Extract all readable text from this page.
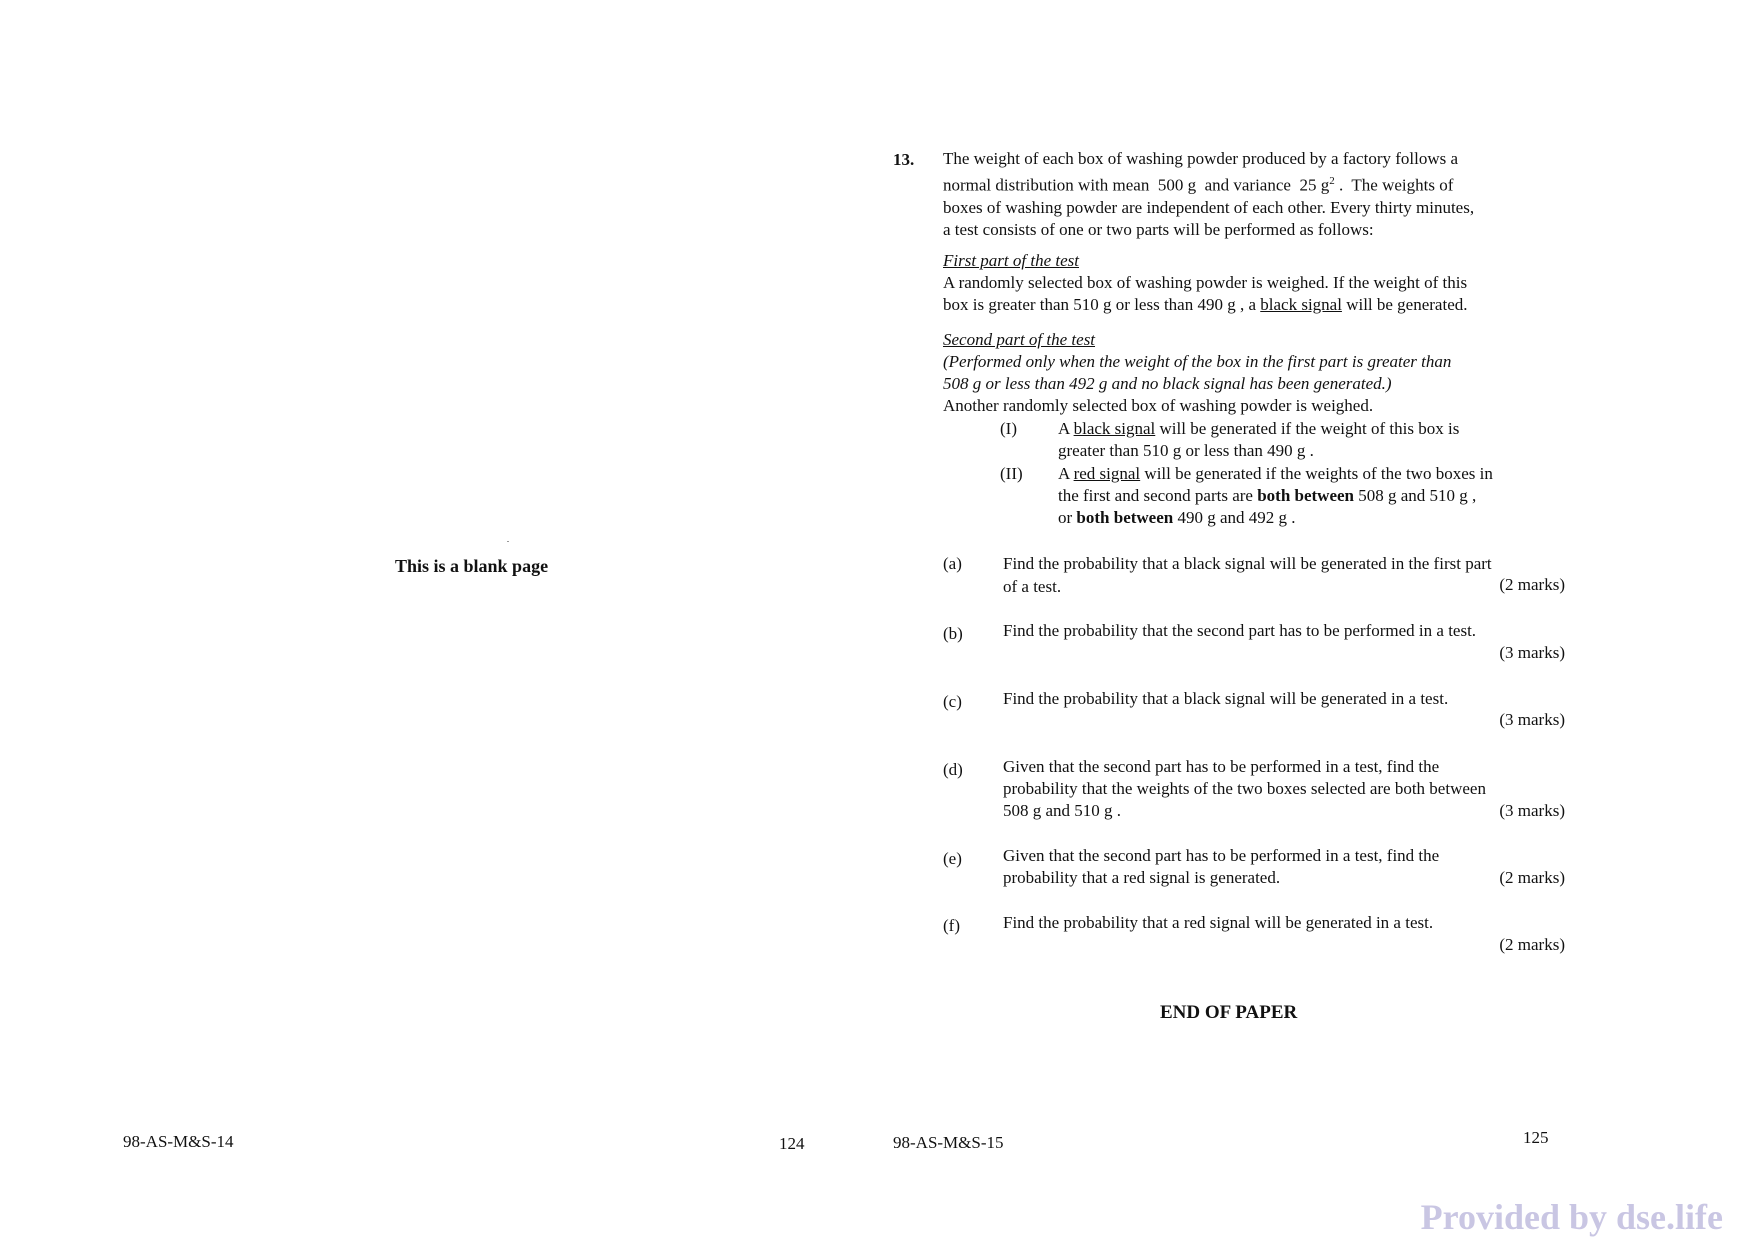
This is a blank page
98-AS-M&S-14	124
13. The weight of each box of washing powder produced by a factory follows a
normal distribution with mean  500 g  and variance  25 $g^2$ .  The weights of
boxes of washing powder are independent of each other. Every thirty minutes,
a test consists of one or two parts will be performed as follows:
First part of the test
A randomly selected box of washing powder is weighed. If the weight of this
box is greater than 510 g or less than 490 g , a black signal will be generated.
Second part of the test
(Performed only when the weight of the box in the first part is greater than
508 g or less than 492 g and no black signal has been generated.)
Another randomly selected box of washing powder is weighed.
(I) A black signal will be generated if the weight of this box is
greater than 510 g or less than 490 g .
(II) A red signal will be generated if the weights of the two boxes in
the first and second parts are both between 508 g and 510 g ,
or both between 490 g and 492 g .
(a) Find the probability that a black signal will be generated in the first part
of a test.	(2 marks)
(b) Find the probability that the second part has to be performed in a test.
(3 marks)
(c) Find the probability that a black signal will be generated in a test.
(3 marks)
(d) Given that the second part has to be performed in a test, find the
probability that the weights of the two boxes selected are both between
508 g and 510 g .	(3 marks)
(e) Given that the second part has to be performed in a test, find the
probability that a red signal is generated.	(2 marks)
(f)	Find the probability that a red signal will be generated in a test.
(2 marks)
END OF PAPER
98-AS-M&S-15	125
Provided by dse.life
